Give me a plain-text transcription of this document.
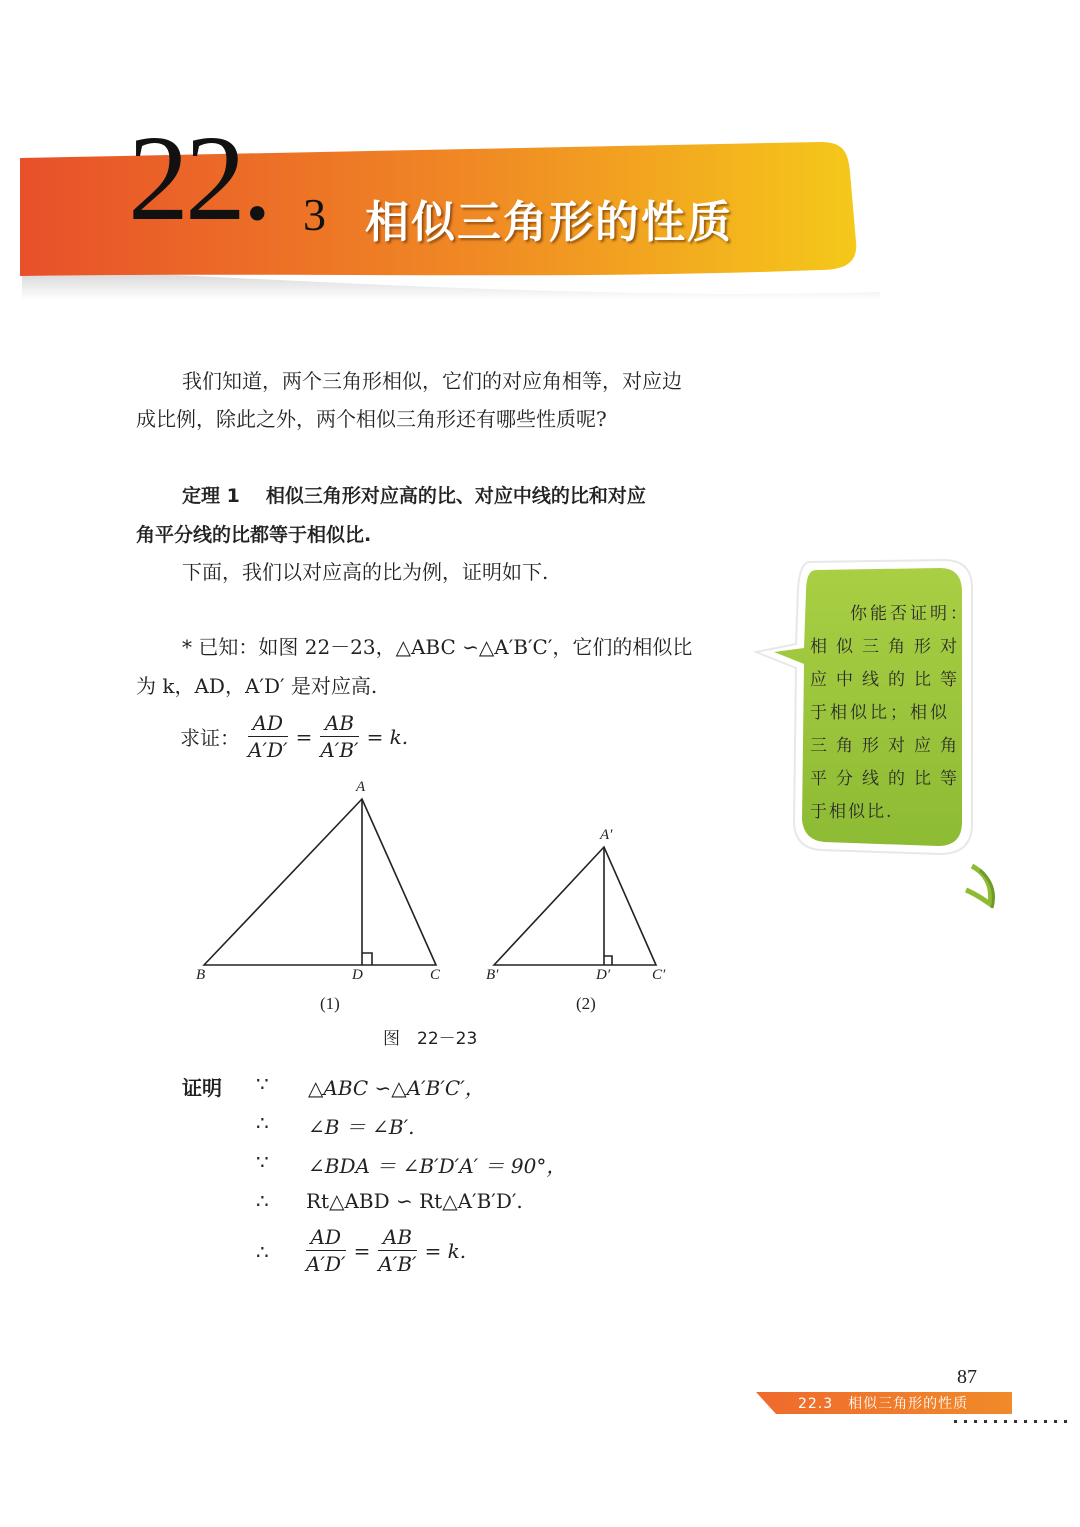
22. 3 相似三角形的性质
我们知道，两个三角形相似，它们的对应角相等，对应边
成比例，除此之外，两个相似三角形还有哪些性质呢?
定理 1 相似三角形对应高的比、对应中线的比和对应
角平分线的比都等于相似比.
下面，我们以对应高的比为例，证明如下.
* 已知：如图 22－23，△ABC ∽△A′B′C′，它们的相似比
为 k，AD，A′D′ 是对应高.
求证： $\frac{AD}{A'D'} = \frac{AB}{A'B'} = k$.
A
B	C
D
A′
B′	C′
D′
(1)	(2)
图　22－23
你能否证明：
相似三角形对
应中线的比等
于相似比；相似
三角形对应角
平分线的比等
于相似比.
证明 ∵ △ABC ∽△A′B′C′，
∴ ∠B ＝ ∠B′.
∵ ∠BDA ＝ ∠B′D′A′ ＝ 90°，
∴ Rt△ABD ∽ Rt△A′B′D′.
∴ $\frac{AD}{A'D'} = \frac{AB}{A'B'} = k$.
87
22.3　相似三角形的性质
